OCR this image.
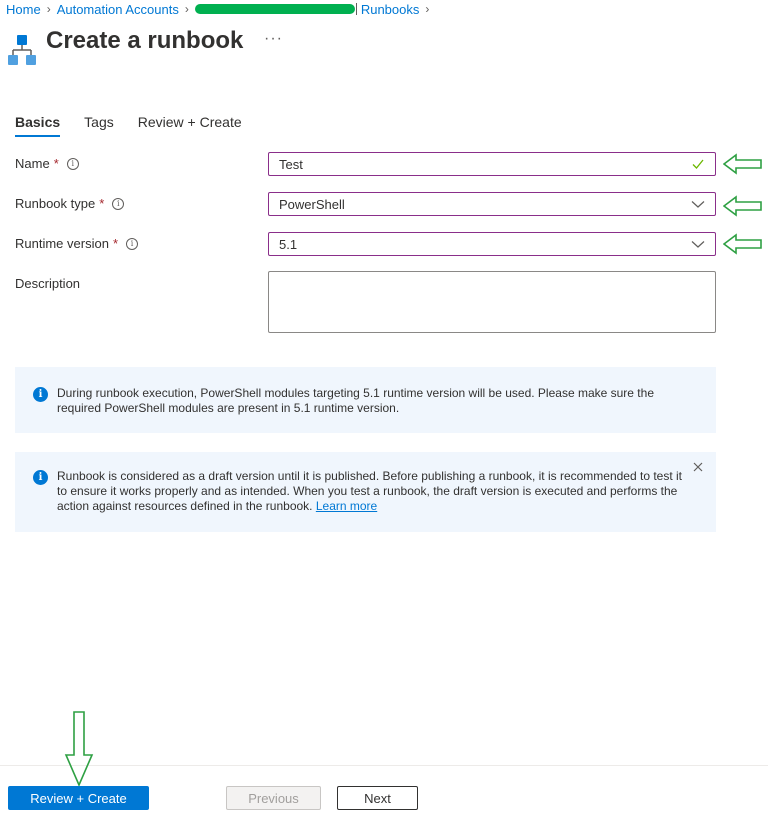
Home › Automation Accounts ›	Runbooks ›
Create a runbook ···
Basics Tags Review + Create
Name *	i	Test
Runbook type *	i	PowerShell
Runtime version *	i	5.1
Description
i	During runbook execution, PowerShell modules targeting 5.1 runtime version will be used. Please make sure the required PowerShell modules are present in 5.1 runtime version.
i	Runbook is considered as a draft version until it is published. Before publishing a runbook, it is recommended to test it to ensure it works properly and as intended. When you test a runbook, the draft version is executed and performs the action against resources defined in the runbook. Learn more
Review + Create	Previous	Next
